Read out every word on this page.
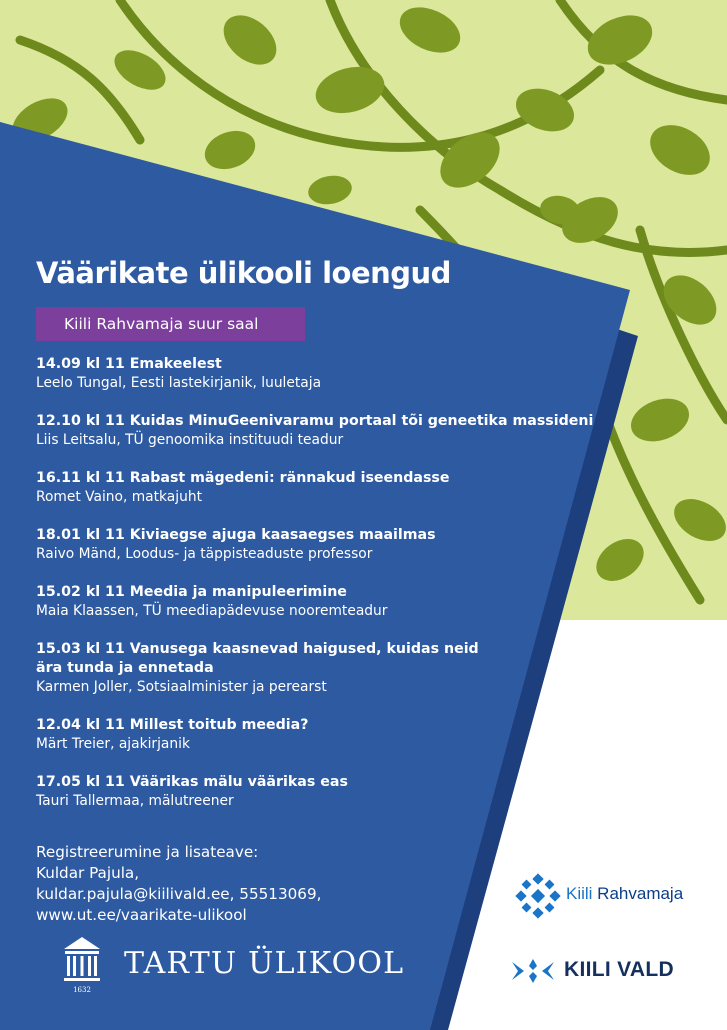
Väärikate ülikooli loengud
Kiili Rahvamaja suur saal
14.09 kl 11 Emakeelest
Leelo Tungal, Eesti lastekirjanik, luuletaja
12.10 kl 11 Kuidas MinuGeenivaramu portaal tõi geneetika massideni
Liis Leitsalu, TÜ genoomika instituudi teadur
16.11 kl 11 Rabast mägedeni: rännakud iseendasse
Romet Vaino, matkajuht
18.01 kl 11 Kiviaegse ajuga kaasaegses maailmas
Raivo Mänd, Loodus- ja täppisteaduste professor
15.02 kl 11 Meedia ja manipuleerimine
Maia Klaassen, TÜ meediapädevuse nooremteadur
15.03 kl 11 Vanusega kaasnevad haigused, kuidas neid ära tunda ja ennetada
Karmen Joller, Sotsiaalminister ja perearst
12.04 kl 11 Millest toitub meedia?
Märt Treier, ajakirjanik
17.05 kl 11 Väärikas mälu väärikas eas
Tauri Tallermaa, mälutreener
Registreerumine ja lisateave:
Kuldar Pajula,
kuldar.pajula@kiilivald.ee, 55513069,
www.ut.ee/vaarikate-ulikool
1632
TARTU ÜLIKOOL
Kiili Rahvamaja
KIILI VALD
